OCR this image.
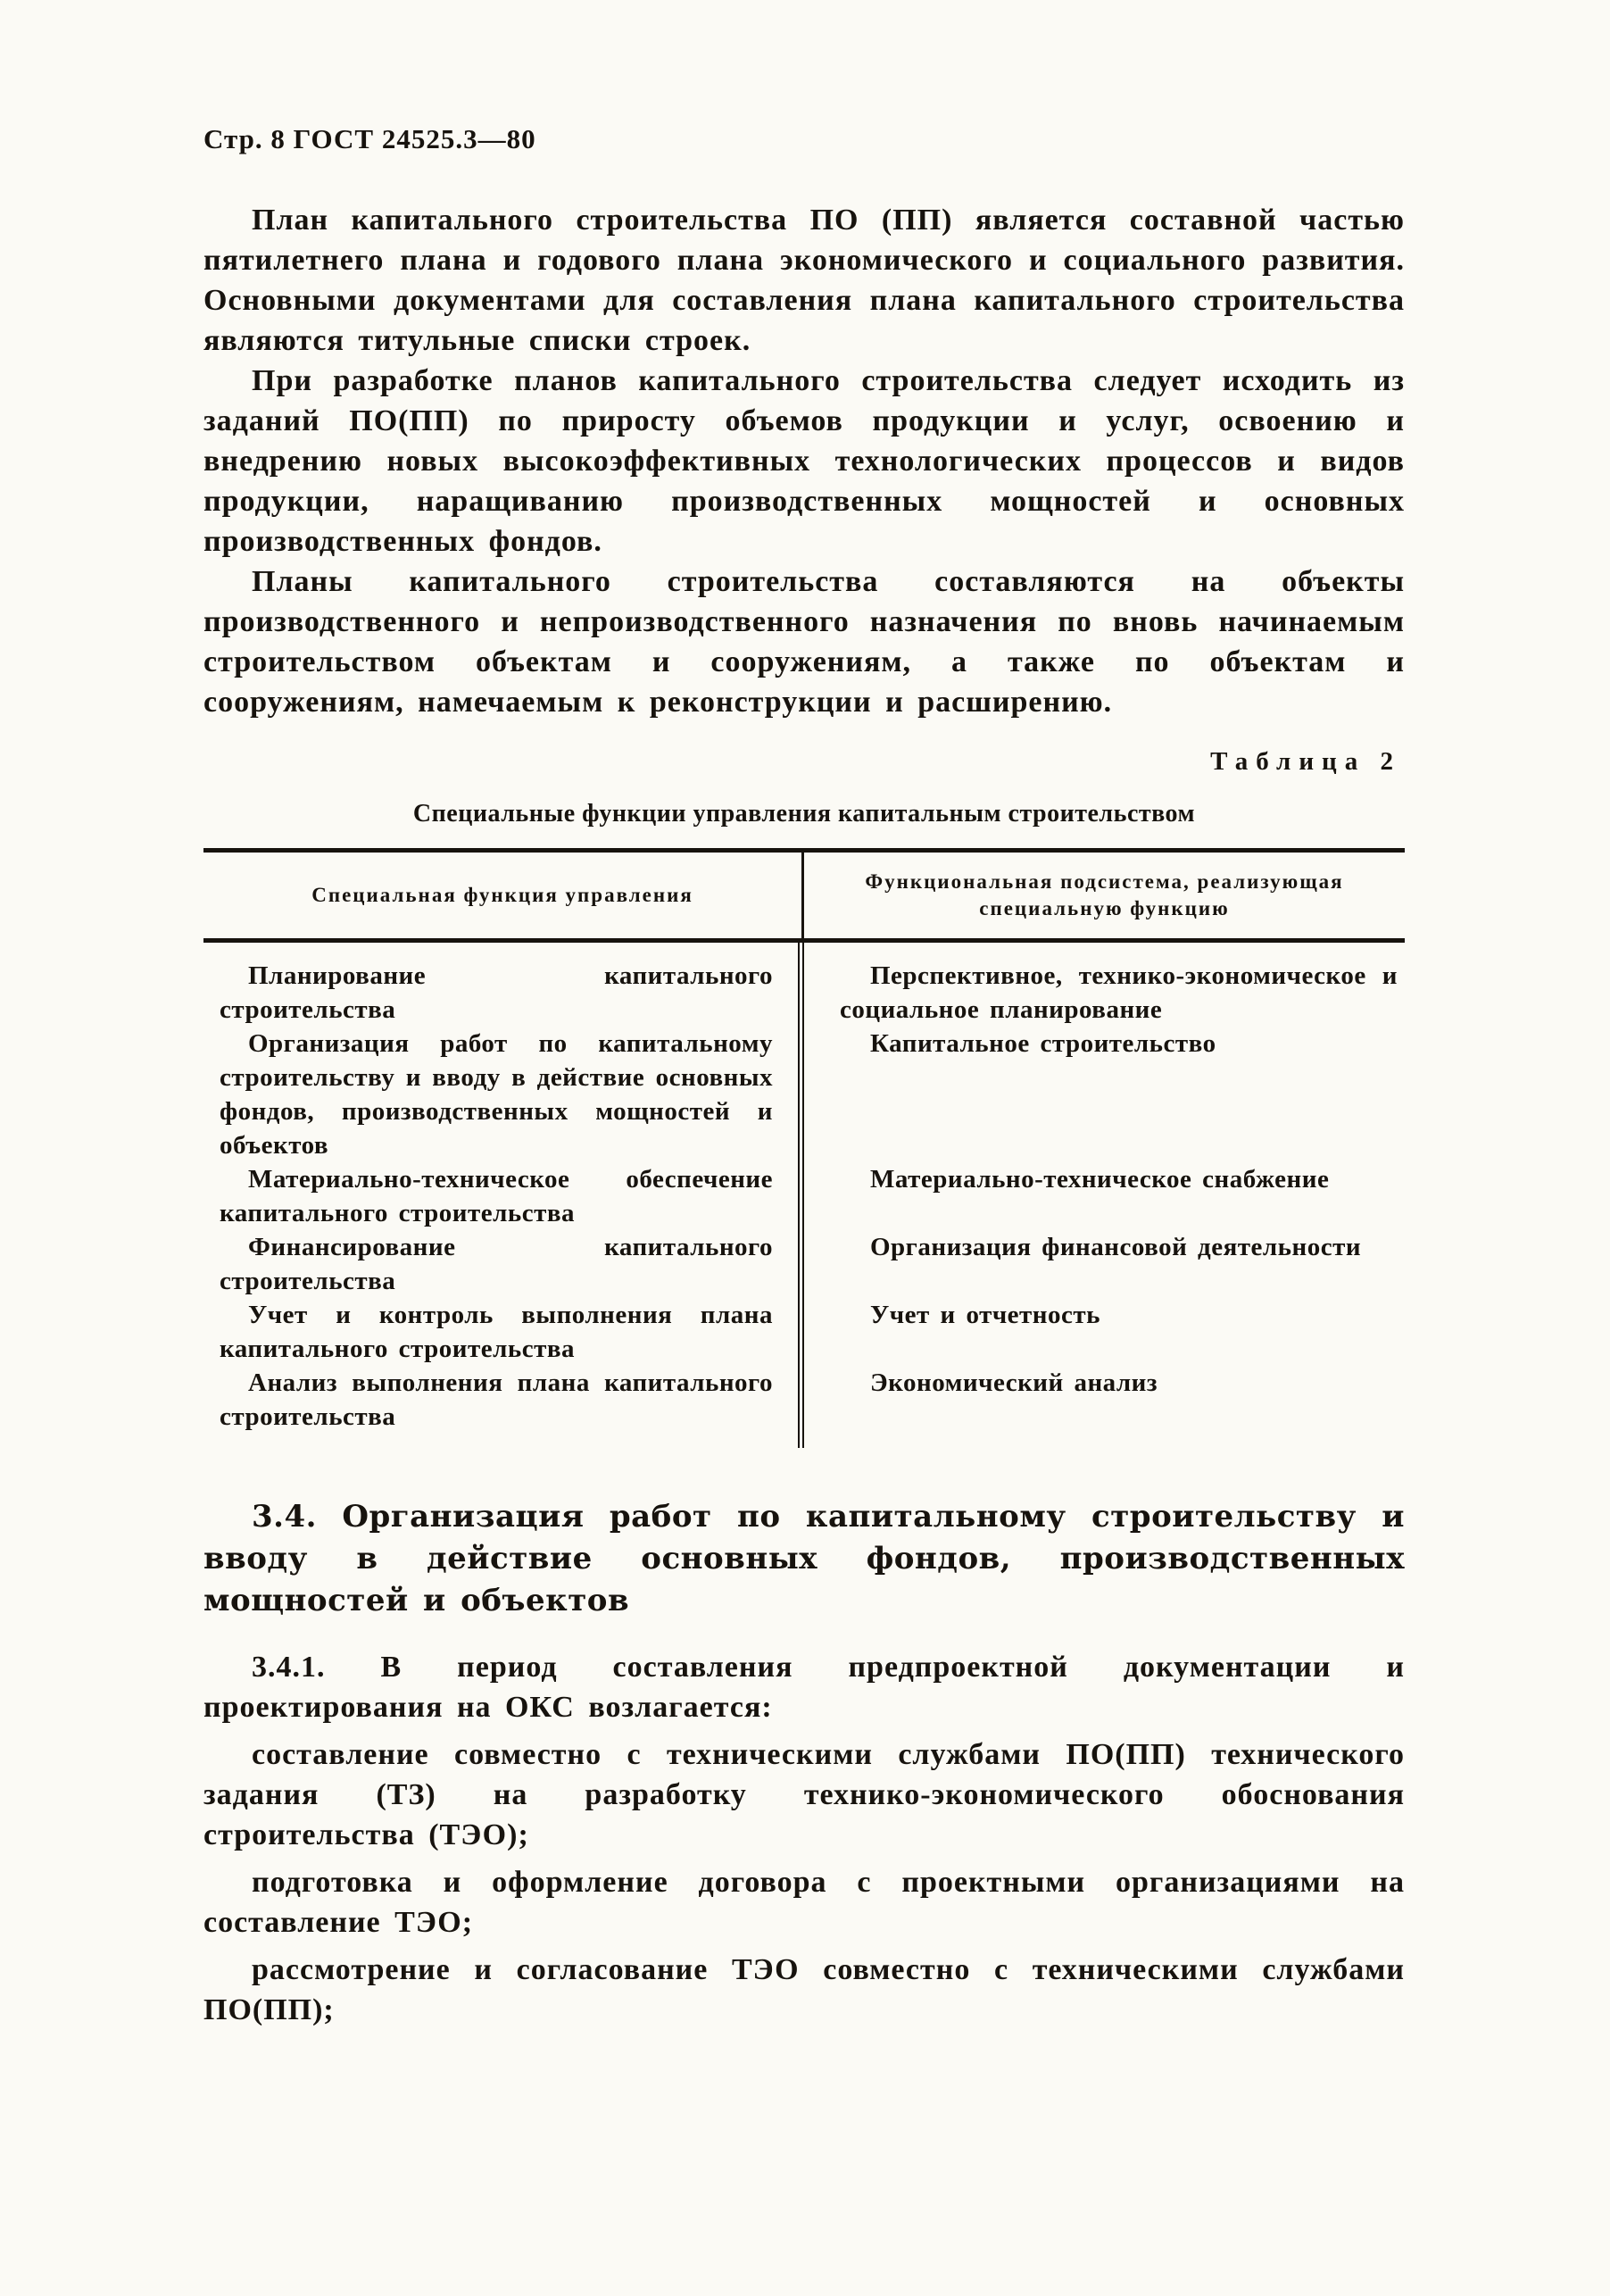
Стр. 8 ГОСТ 24525.3—80

План капитального строительства ПО (ПП) является составной частью пятилетнего плана и годового плана экономического и социального развития. Основными документами для составления плана капитального строительства являются титульные списки строек.

При разработке планов капитального строительства следует исходить из заданий ПО(ПП) по приросту объемов продукции и услуг, освоению и внедрению новых высокоэффективных технологических процессов и видов продукции, наращиванию производственных мощностей и основных производственных фондов.

Планы капитального строительства составляются на объекты производственного и непроизводственного назначения по вновь начинаемым строительством объектам и сооружениям, а также по объектам и сооружениям, намечаемым к реконструкции и расширению.

Таблица 2

Специальные функции управления капитальным строительством

Специальная функция управления
Функциональная подсистема, реализующая специальную функцию

Планирование капитального строительства

Перспективное, технико-экономическое и социальное планирование

Организация работ по капитальному строительству и вводу в действие основных фондов, производственных мощностей и объектов

Капитальное строительство

Материально-техническое обеспечение капитального строительства

Материально-техническое снабжение

Финансирование капитального строительства

Организация финансовой деятельности

Учет и контроль выполнения плана капитального строительства

Учет и отчетность

Анализ выполнения плана капитального строительства

Экономический анализ

3.4. Организация работ по капитальному строительству и вводу в действие основных фондов, производственных мощностей и объектов

3.4.1. В период составления предпроектной документации и проектирования на ОКС возлагается:

составление совместно с техническими службами ПО(ПП) технического задания (ТЗ) на разработку технико-экономического обоснования строительства (ТЭО);

подготовка и оформление договора с проектными организациями на составление ТЭО;

рассмотрение и согласование ТЭО совместно с техническими службами ПО(ПП);
